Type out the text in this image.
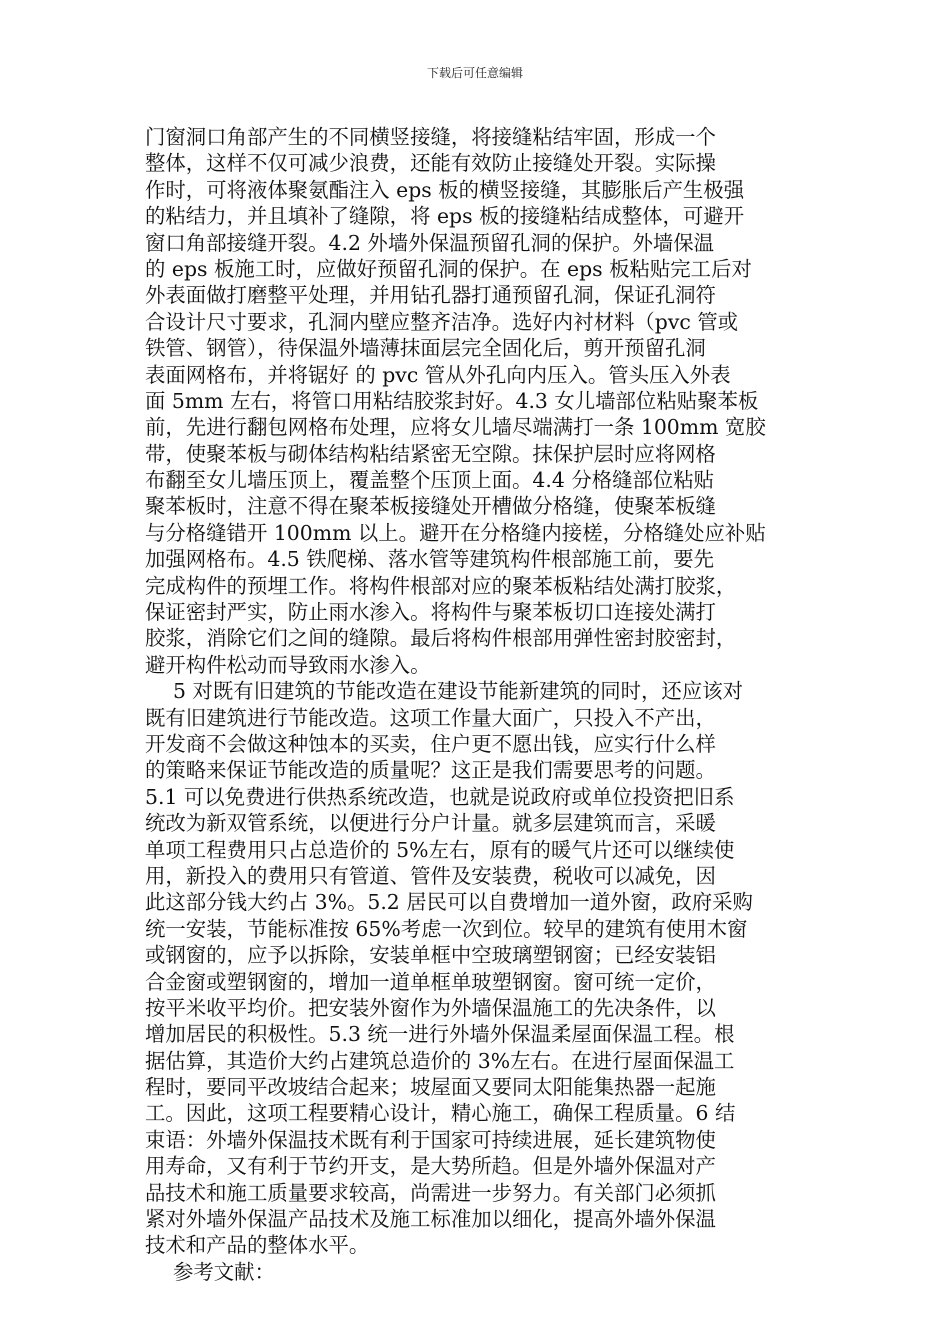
下载后可任意编辑
门窗洞口角部产生的不同横竖接缝，将接缝粘结牢固，形成一个
整体，这样不仅可减少浪费，还能有效防止接缝处开裂。实际操
作时，可将液体聚氨酯注入 eps 板的横竖接缝，其膨胀后产生极强
的粘结力，并且填补了缝隙，将 eps 板的接缝粘结成整体，可避开
窗口角部接缝开裂。4.2 外墙外保温预留孔洞的保护。外墙保温
的 eps 板施工时，应做好预留孔洞的保护。在 eps 板粘贴完工后对
外表面做打磨整平处理，并用钻孔器打通预留孔洞，保证孔洞符
合设计尺寸要求，孔洞内壁应整齐洁净。选好内衬材料（pvc 管或
铁管、钢管），待保温外墙薄抹面层完全固化后，剪开预留孔洞
表面网格布，并将锯好 的 pvc 管从外孔向内压入。管头压入外表
面 5mm 左右，将管口用粘结胶浆封好。4.3 女儿墙部位粘贴聚苯板
前，先进行翻包网格布处理，应将女儿墙尽端满打一条 100mm 宽胶
带，使聚苯板与砌体结构粘结紧密无空隙。抹保护层时应将网格
布翻至女儿墙压顶上，覆盖整个压顶上面。4.4 分格缝部位粘贴
聚苯板时，注意不得在聚苯板接缝处开槽做分格缝，使聚苯板缝
与分格缝错开 100mm 以上。避开在分格缝内接槎，分格缝处应补贴
加强网格布。4.5 铁爬梯、落水管等建筑构件根部施工前，要先
完成构件的预埋工作。将构件根部对应的聚苯板粘结处满打胶浆，
保证密封严实，防止雨水渗入。将构件与聚苯板切口连接处满打
胶浆，消除它们之间的缝隙。最后将构件根部用弹性密封胶密封，
避开构件松动而导致雨水渗入。
5 对既有旧建筑的节能改造在建设节能新建筑的同时，还应该对
既有旧建筑进行节能改造。这项工作量大面广，只投入不产出，
开发商不会做这种蚀本的买卖，住户更不愿出钱，应实行什么样
的策略来保证节能改造的质量呢？这正是我们需要思考的问题。
5.1 可以免费进行供热系统改造，也就是说政府或单位投资把旧系
统改为新双管系统，以便进行分户计量。就多层建筑而言，采暖
单项工程费用只占总造价的 5%左右，原有的暖气片还可以继续使
用，新投入的费用只有管道、管件及安装费，税收可以减免，因
此这部分钱大约占 3%。5.2 居民可以自费增加一道外窗，政府采购
统一安装，节能标准按 65%考虑一次到位。较早的建筑有使用木窗
或钢窗的，应予以拆除，安装单框中空玻璃塑钢窗；已经安装铝
合金窗或塑钢窗的，增加一道单框单玻塑钢窗。窗可统一定价，
按平米收平均价。把安装外窗作为外墙保温施工的先决条件，以
增加居民的积极性。5.3 统一进行外墙外保温柔屋面保温工程。根
据估算，其造价大约占建筑总造价的 3%左右。在进行屋面保温工
程时，要同平改坡结合起来；坡屋面又要同太阳能集热器一起施
工。因此，这项工程要精心设计，精心施工，确保工程质量。6 结
束语：外墙外保温技术既有利于国家可持续进展，延长建筑物使
用寿命，又有利于节约开支，是大势所趋。但是外墙外保温对产
品技术和施工质量要求较高，尚需进一步努力。有关部门必须抓
紧对外墙外保温产品技术及施工标准加以细化，提高外墙外保温
技术和产品的整体水平。
参考文献：
